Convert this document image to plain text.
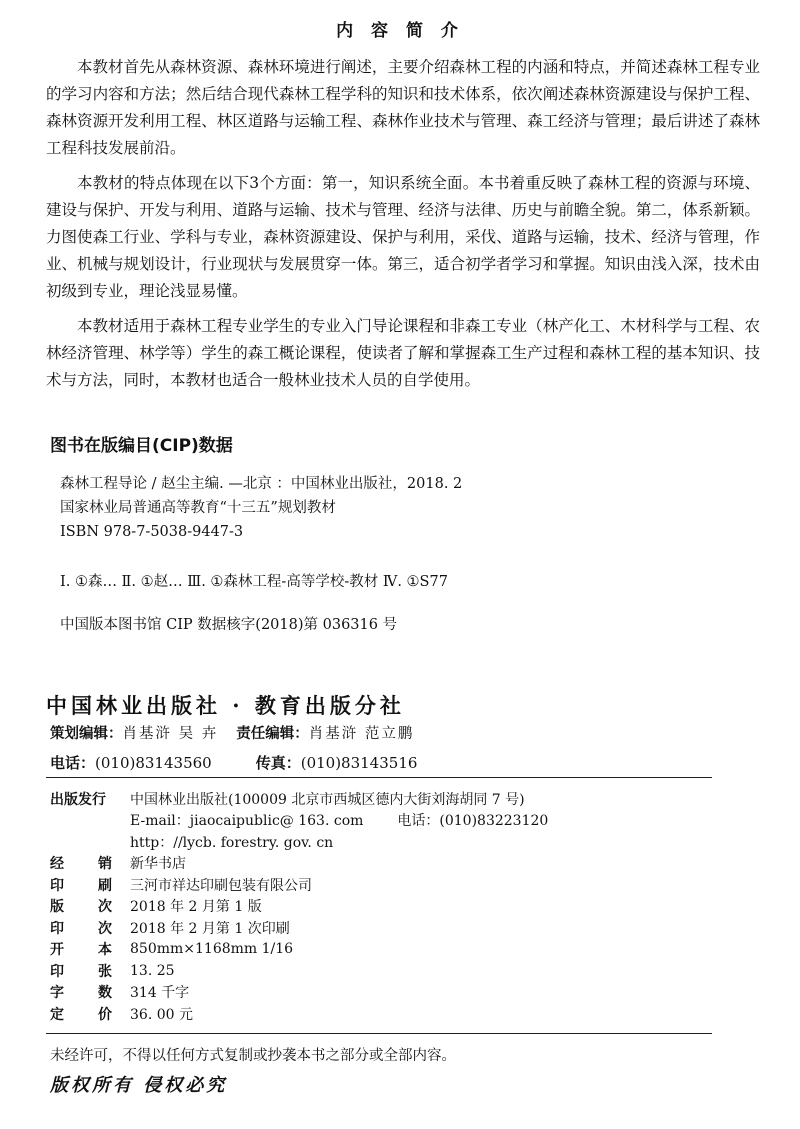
内 容 简 介

本教材首先从森林资源、森林环境进行阐述，主要介绍森林工程的内涵和特点，并简述森林工程专业的学习内容和方法；然后结合现代森林工程学科的知识和技术体系，依次阐述森林资源建设与保护工程、森林资源开发利用工程、林区道路与运输工程、森林作业技术与管理、森工经济与管理；最后讲述了森林工程科技发展前沿。

本教材的特点体现在以下3个方面：第一，知识系统全面。本书着重反映了森林工程的资源与环境、建设与保护、开发与利用、道路与运输、技术与管理、经济与法律、历史与前瞻全貌。第二，体系新颖。力图使森工行业、学科与专业，森林资源建设、保护与利用，采伐、道路与运输，技术、经济与管理，作业、机械与规划设计，行业现状与发展贯穿一体。第三，适合初学者学习和掌握。知识由浅入深，技术由初级到专业，理论浅显易懂。

本教材适用于森林工程专业学生的专业入门导论课程和非森工专业（林产化工、木材科学与工程、农林经济管理、林学等）学生的森工概论课程，使读者了解和掌握森工生产过程和森林工程的基本知识、技术与方法，同时，本教材也适合一般林业技术人员的自学使用。

图书在版编目(CIP)数据
森林工程导论 / 赵尘主编. —北京 ：中国林业出版社，2018. 2
国家林业局普通高等教育“十三五”规划教材
ISBN 978-7-5038-9447-3
Ⅰ. ①森… Ⅱ. ①赵… Ⅲ. ①森林工程-高等学校-教材 Ⅳ. ①S77
中国版本图书馆 CIP 数据核字(2018)第 036316 号
中国林业出版社 · 教育出版分社
策划编辑：肖基浒 吴 卉 责任编辑：肖基浒 范立鹏
电话：(010)83143560	传真：(010)83143516
出版发行	中国林业出版社(100009 北京市西城区德内大街刘海胡同 7 号)
E-mail：jiaocaipublic@ 163. com 电话：(010)83223120
http：//lycb. forestry. gov. cn
经 销 新华书店
印 刷 三河市祥达印刷包装有限公司
版 次 2018 年 2 月第 1 版
印 次 2018 年 2 月第 1 次印刷
开 本 850mm×1168mm 1/16
印 张 13. 25
字 数 314 千字
定 价 36. 00 元
未经许可，不得以任何方式复制或抄袭本书之部分或全部内容。
版权所有 侵权必究
